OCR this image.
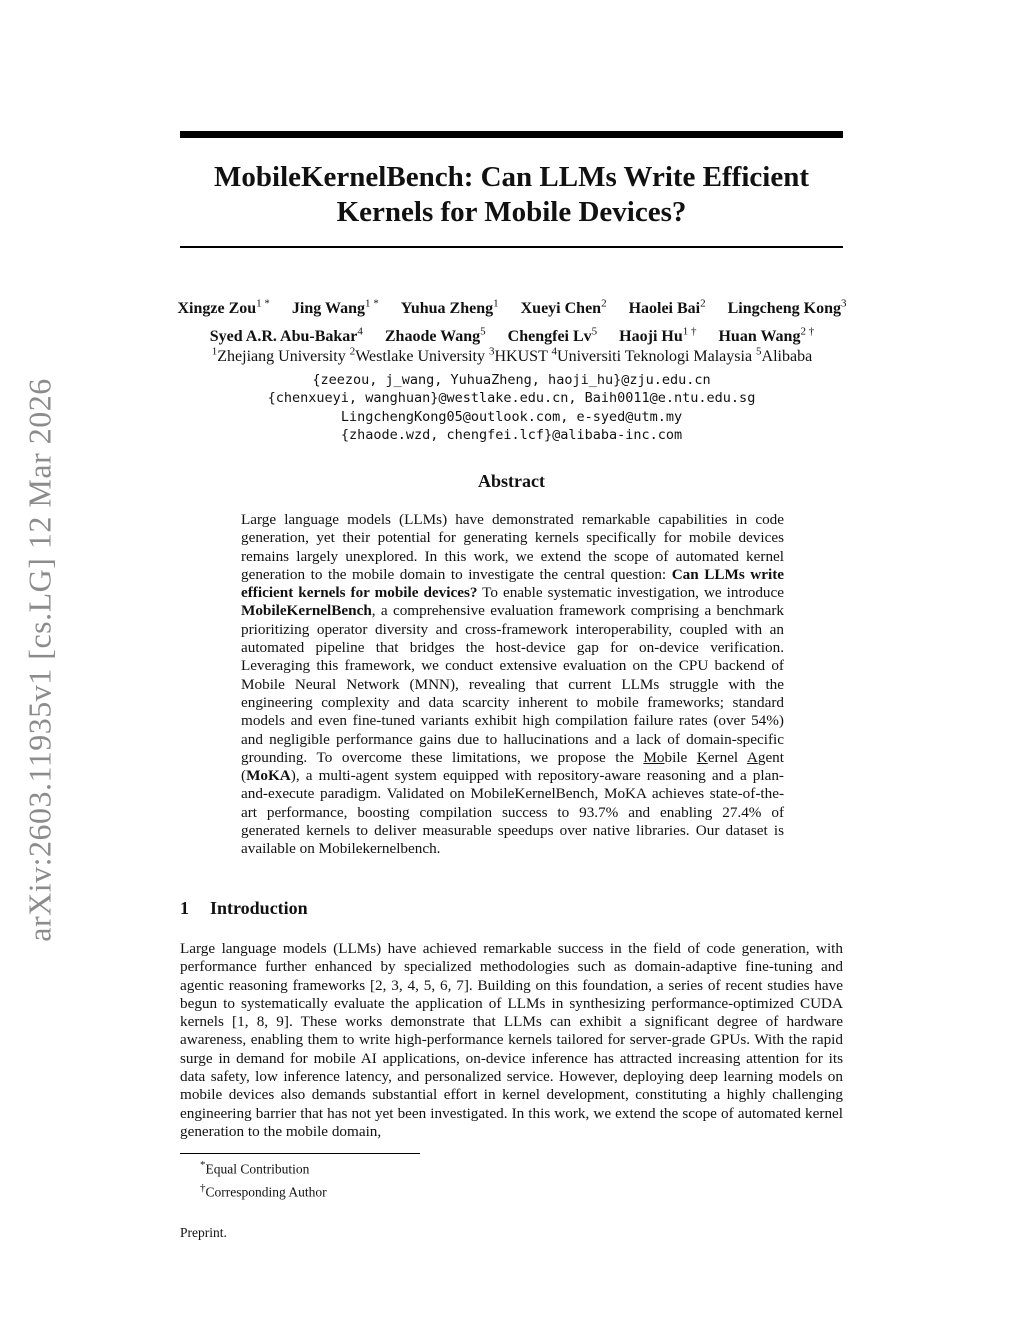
arXiv:2603.11935v1 [cs.LG] 12 Mar 2026
MobileKernelBench: Can LLMs Write Efficient
Kernels for Mobile Devices?
Xingze Zou$^{1 *}$ Jing Wang$^{1 *}$ Yuhua Zheng$^1$ Xueyi Chen$^2$ Haolei Bai$^2$ Lingcheng Kong$^3$
Syed A.R. Abu-Bakar$^4$ Zhaode Wang$^5$ Chengfei Lv$^5$ Haoji $Hu^{1 \dagger}$ Huan Wang$^{2 \dagger}$
$^1$Zhejiang University $^2$Westlake University $^3$HKUST $^4$Universiti Teknologi Malaysia $^5$Alibaba
{zeezou, j_wang, YuhuaZheng, haoji_hu}@zju.edu.cn
{chenxueyi, wanghuan}@westlake.edu.cn, Baih0011@e.ntu.edu.sg
LingchengKong05@outlook.com, e-syed@utm.my
{zhaode.wzd, chengfei.lcf}@alibaba-inc.com
Abstract
Large language models (LLMs) have demonstrated remarkable capabilities in code generation, yet their potential for generating kernels specifically for mobile devices remains largely unexplored. In this work, we extend the scope of automated kernel generation to the mobile domain to investigate the central question: Can LLMs write efficient kernels for mobile devices? To enable systematic investigation, we introduce MobileKernelBench, a comprehensive evaluation framework comprising a benchmark prioritizing operator diversity and cross-framework interoperability, coupled with an automated pipeline that bridges the host-device gap for on-device verification. Leveraging this framework, we conduct extensive evaluation on the CPU backend of Mobile Neural Network (MNN), revealing that current LLMs struggle with the engineering complexity and data scarcity inherent to mobile frameworks; standard models and even fine-tuned variants exhibit high compilation failure rates (over 54%) and negligible performance gains due to hallucinations and a lack of domain-specific grounding. To overcome these limitations, we propose the Mobile Kernel Agent (MoKA), a multi-agent system equipped with repository-aware reasoning and a plan-and-execute paradigm. Validated on MobileKernelBench, MoKA achieves state-of-the-art performance, boosting compilation success to 93.7% and enabling 27.4% of generated kernels to deliver measurable speedups over native libraries. Our dataset is available on Mobilekernelbench.
1 Introduction
Large language models (LLMs) have achieved remarkable success in the field of code generation, with performance further enhanced by specialized methodologies such as domain-adaptive fine-tuning and agentic reasoning frameworks [2, 3, 4, 5, 6, 7]. Building on this foundation, a series of recent studies have begun to systematically evaluate the application of LLMs in synthesizing performance-optimized CUDA kernels [1, 8, 9]. These works demonstrate that LLMs can exhibit a significant degree of hardware awareness, enabling them to write high-performance kernels tailored for server-grade GPUs. With the rapid surge in demand for mobile AI applications, on-device inference has attracted increasing attention for its data safety, low inference latency, and personalized service. However, deploying deep learning models on mobile devices also demands substantial effort in kernel development, constituting a highly challenging engineering barrier that has not yet been investigated. In this work, we extend the scope of automated kernel generation to the mobile domain,
*Equal Contribution
†Corresponding Author
Preprint.
